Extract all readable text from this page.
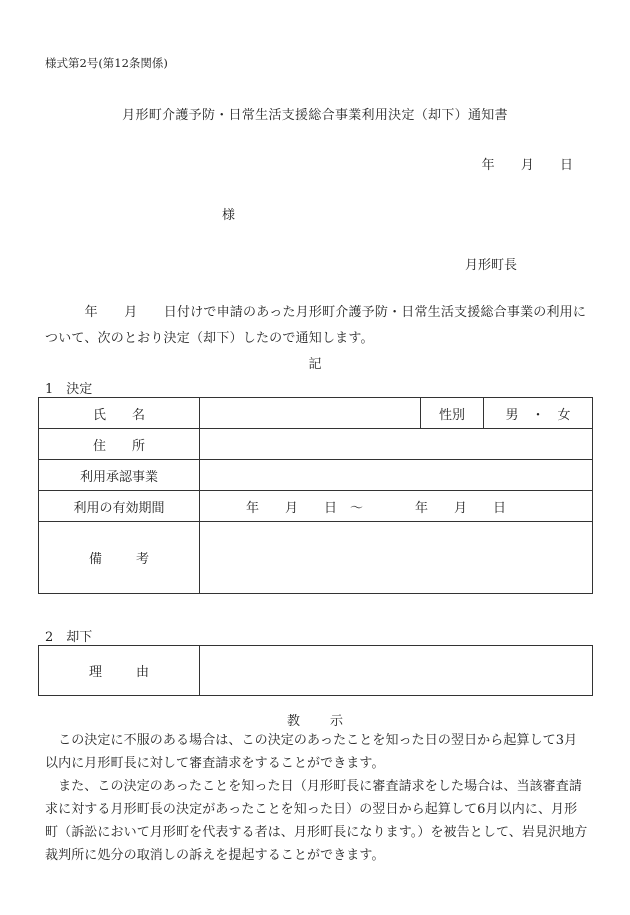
様式第2号(第12条関係)
月形町介護予防・日常生活支援総合事業利用決定（却下）通知書
年 月 日
様
月形町長
　　　年　　月　　日付けで申請のあった月形町介護予防・日常生活支援総合事業の利用について、次のとおり決定（却下）したので通知します。
記
1　決定
氏名		性別	男　・　女
住所			
利用承認事業			
利用の有効期間	年　　月　　日　～　　　　年　　月　　日		
備考			
2　却下
理由	
教示
　この決定に不服のある場合は、この決定のあったことを知った日の翌日から起算して3月以内に月形町長に対して審査請求をすることができます。
　また、この決定のあったことを知った日（月形町長に審査請求をした場合は、当該審査請求に対する月形町長の決定があったことを知った日）の翌日から起算して6月以内に、月形町（訴訟において月形町を代表する者は、月形町長になります。）を被告として、岩見沢地方裁判所に処分の取消しの訴えを提起することができます。
